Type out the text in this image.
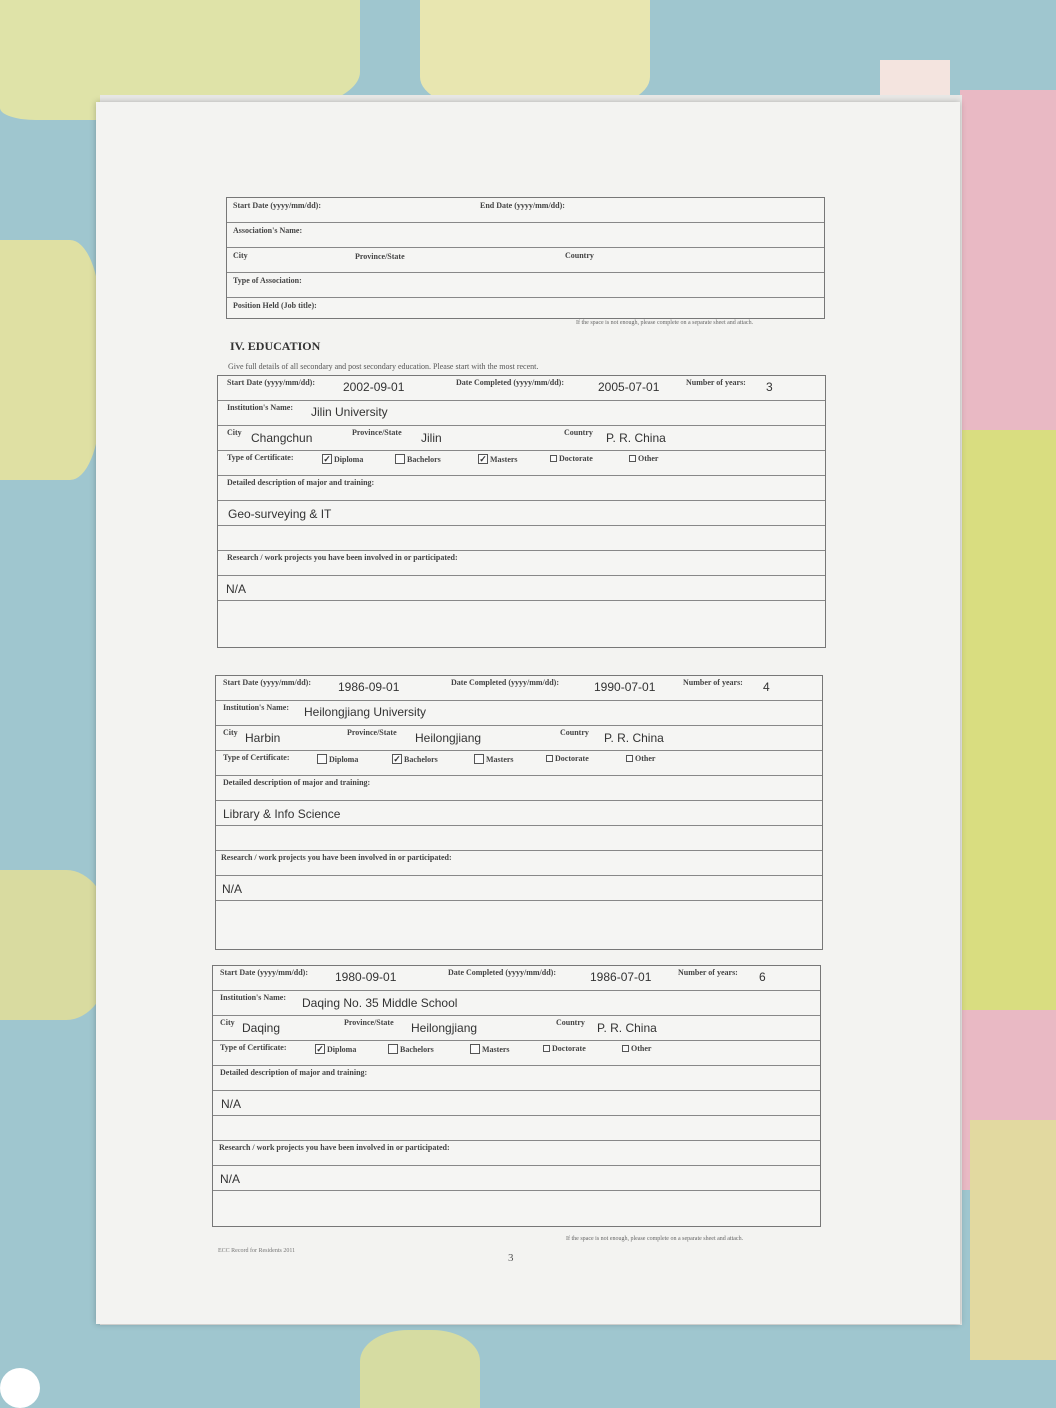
Start Date (yyyy/mm/dd):	End Date (yyyy/mm/dd):
Association's Name:
City	Province/State	Country
Type of Association:
Position Held (Job title):
If the space is not enough, please complete on a separate sheet and attach.
IV. EDUCATION
Give full details of all secondary and post secondary education. Please start with the most recent.
Start Date (yyyy/mm/dd): 2002-09-01	Date Completed (yyyy/mm/dd):	2005-07-01	Number of years: 3
Institution's Name: Jilin University
City Changchun	Province/State Jilin	Country P. R. China
Type of Certificate:	✓ Diploma	Bachelors	✓ Masters	Doctorate	Other
Detailed description of major and training:
Geo-surveying & IT
Research / work projects you have been involved in or participated:
N/A
Start Date (yyyy/mm/dd): 1986-09-01	Date Completed (yyyy/mm/dd):	1990-07-01	Number of years: 4
Institution's Name: Heilongjiang University
City Harbin	Province/State Heilongjiang	Country P. R. China
Type of Certificate:	Diploma	✓ Bachelors	Masters	Doctorate	Other
Detailed description of major and training:
Library & Info Science
Research / work projects you have been involved in or participated:
N/A
Start Date (yyyy/mm/dd): 1980-09-01	Date Completed (yyyy/mm/dd):	1986-07-01	Number of years: 6
Institution's Name: Daqing No. 35 Middle School
City Daqing	Province/State Heilongjiang	Country P. R. China
Type of Certificate:	✓ Diploma	Bachelors	Masters	Doctorate	Other
Detailed description of major and training:
N/A
Research / work projects you have been involved in or participated:
N/A
If the space is not enough, please complete on a separate sheet and attach.
ECC Record for Residents 2011
3
